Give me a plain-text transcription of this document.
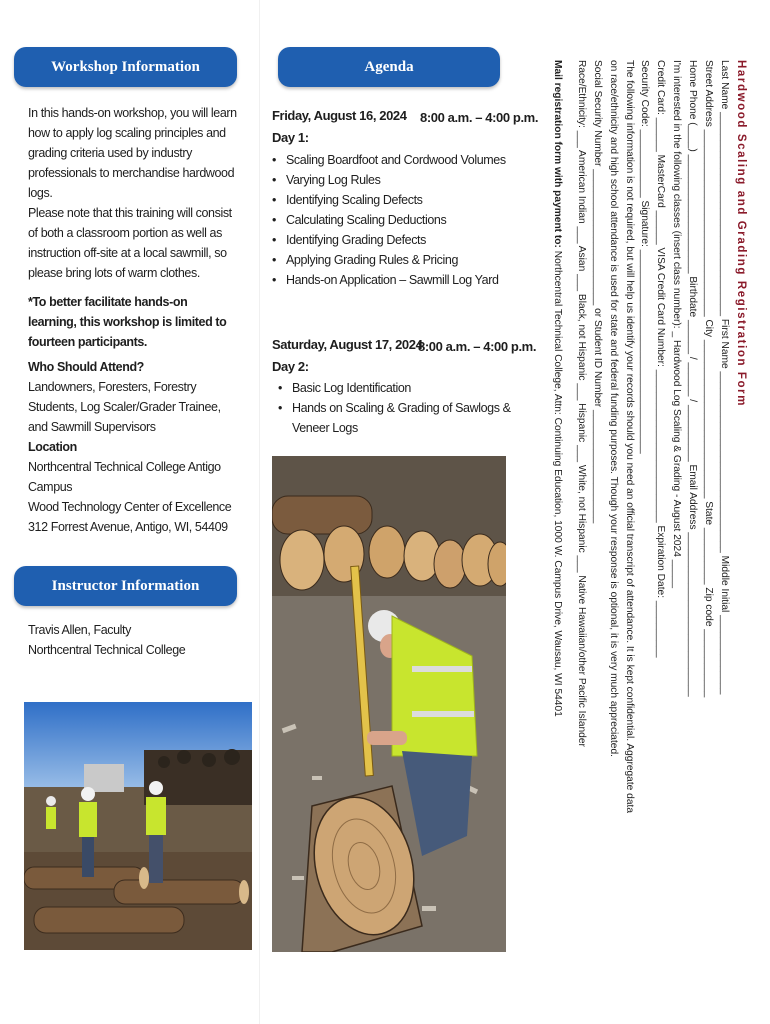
Workshop Information
In this hands-on workshop, you will learn how to apply log scaling principles and grading criteria used by industry professionals to merchandise hardwood logs.
Please note that this training will consist of both a classroom portion as well as instruction off-site at a local sawmill, so please bring lots of warm clothes.
*To better facilitate hands-on learning, this workshop is limited to fourteen participants.
Who Should Attend?
Landowners, Foresters, Forestry Students, Log Scaler/Grader Trainee, and Sawmill Supervisors
Location
Northcentral Technical College Antigo Campus
Wood Technology Center of Excellence
312 Forrest Avenue, Antigo, WI, 54409
Instructor Information
Travis Allen, Faculty
Northcentral Technical College
Agenda
Friday, August 16, 2024 8:00 a.m. – 4:00 p.m.
Day 1:
• Scaling Boardfoot and Cordwood Volumes
• Varying Log Rules
• Identifying Scaling Defects
• Calculating Scaling Deductions
• Identifying Grading Defects
• Applying Grading Rules & Pricing
• Hands-on Application – Sawmill Log Yard
Saturday, August 17, 2024
8:00 a.m. – 4:00 p.m.
Day 2:
• Basic Log Identification
• Hands on Scaling & Grading of Sawlogs & Veneer Logs
Hardwood Scaling and Grading Registration Form
Last Name ____________________________________ First Name ________________________________ Middle Initial ______________
Street Address _________________________________ City ____________________________ State __________ Zip code ____________
Home Phone (____) _____________________ Birthdate ______ / ______ / __________ Email Address _____________________________
I'm interested in the following classes (insert class number): _ Hardwood Log Scaling & Grading - August 2024 _____
Credit Card: ______ MasterCard ______ VISA Credit Card Number: ___________________________ Expiration Date: __________
Security Code: ____________ Signature: ____________________________________
The following information is not required, but will help us identify your records should you need an official transcript of attendance. It is kept confidential. Aggregate data
on race/ethnicity and high school attendance is used for state and federal funding purposes. Though your response is optional, it is very much appreciated.
Social Security Number ________________________ or Student ID Number ____________________
Race/Ethnicity: ___ American Indian ___ Asian ___ Black, not Hispanic ___ Hispanic ___ White, not Hispanic ___ Native Hawaiian/other Pacific Islander
Mail registration form with payment to: Northcentral Technical College, Attn: Continuing Education, 1000 W. Campus Drive, Wausau, WI 54401
